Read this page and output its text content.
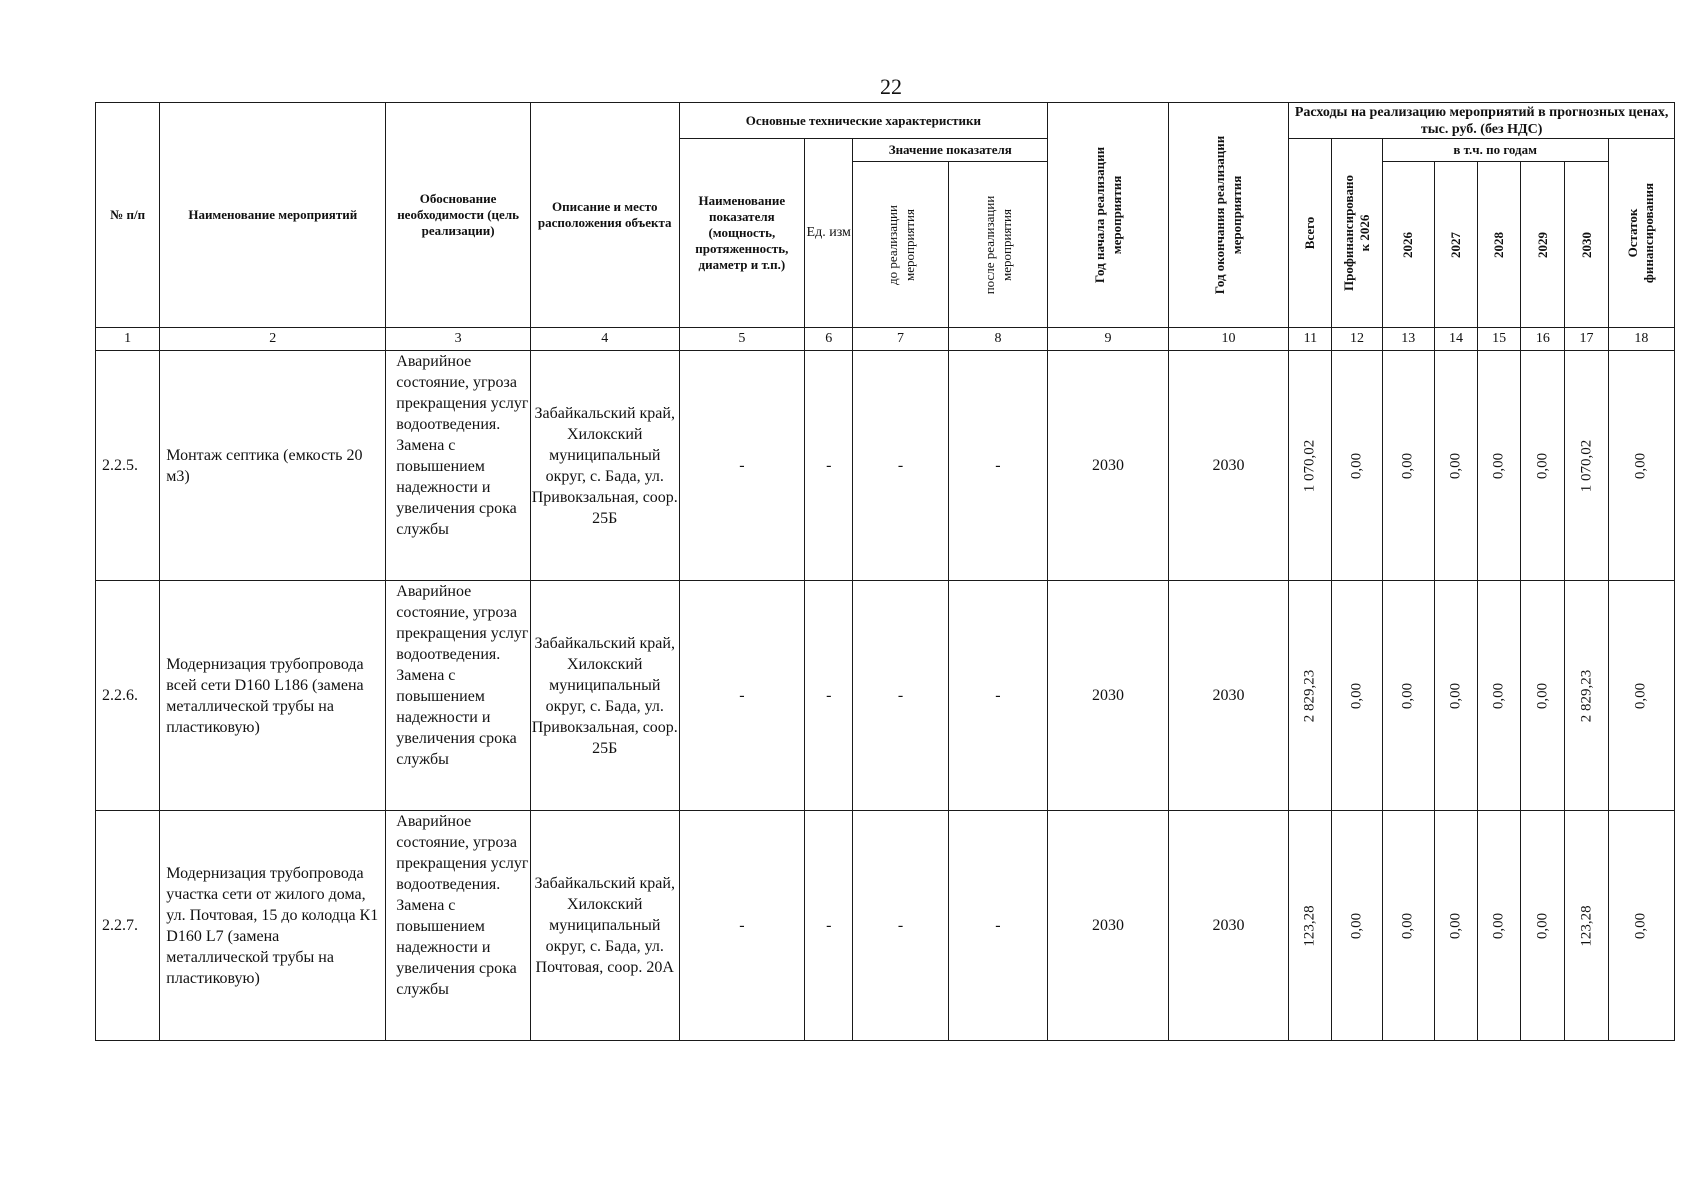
22
№ п/п	Наименование мероприятий	Обоснование необходимости (цель реализации)	Описание и место расположения объекта	Основные технические характеристики				Год начала реализации мероприятия	Год окончания реализации мероприятия	Расходы на реализацию мероприятий в прогнозных ценах, тыс. руб. (без НДС)							
				Наименование показателя (мощность, протяженность, диаметр и т.п.)	Ед. изм	Значение показателя				Всего	Профинансировано к 2026	в т.ч. по годам					Остаток финансирования

						до реализации мероприятия	после реализации мероприятия					2026	2027	2028	2029	2030	

1	2	3	4	5	6	7	8	9	10	11	12	13	14	15	16	17	18
2.2.5.	Монтаж септика (емкость 20 м3)	Аварийное состояние, угроза прекращения услуг водоотведения. Замена с повышением надежности и увеличения срока службы	Забайкальский край, Хилокский муниципальный округ, с. Бада, ул. Привокзальная, соор. 25Б	-	-	-	-	2030	2030	1 070,02	0,00	0,00	0,00	0,00	0,00	1 070,02	0,00

2.2.6.	Модернизация трубопровода всей сети D160 L186 (замена металлической трубы на пластиковую)	Аварийное состояние, угроза прекращения услуг водоотведения. Замена с повышением надежности и увеличения срока службы	Забайкальский край, Хилокский муниципальный округ, с. Бада, ул. Привокзальная, соор. 25Б	-	-	-	-	2030	2030	2 829,23	0,00	0,00	0,00	0,00	0,00	2 829,23	0,00

2.2.7.	Модернизация трубопровода участка сети от жилого дома, ул. Почтовая, 15 до колодца К1 D160 L7 (замена металлической трубы на пластиковую)	Аварийное состояние, угроза прекращения услуг водоотведения. Замена с повышением надежности и увеличения срока службы	Забайкальский край, Хилокский муниципальный округ, с. Бада, ул. Почтовая, соор. 20А	-	-	-	-	2030	2030	123,28	0,00	0,00	0,00	0,00	0,00	123,28	0,00
